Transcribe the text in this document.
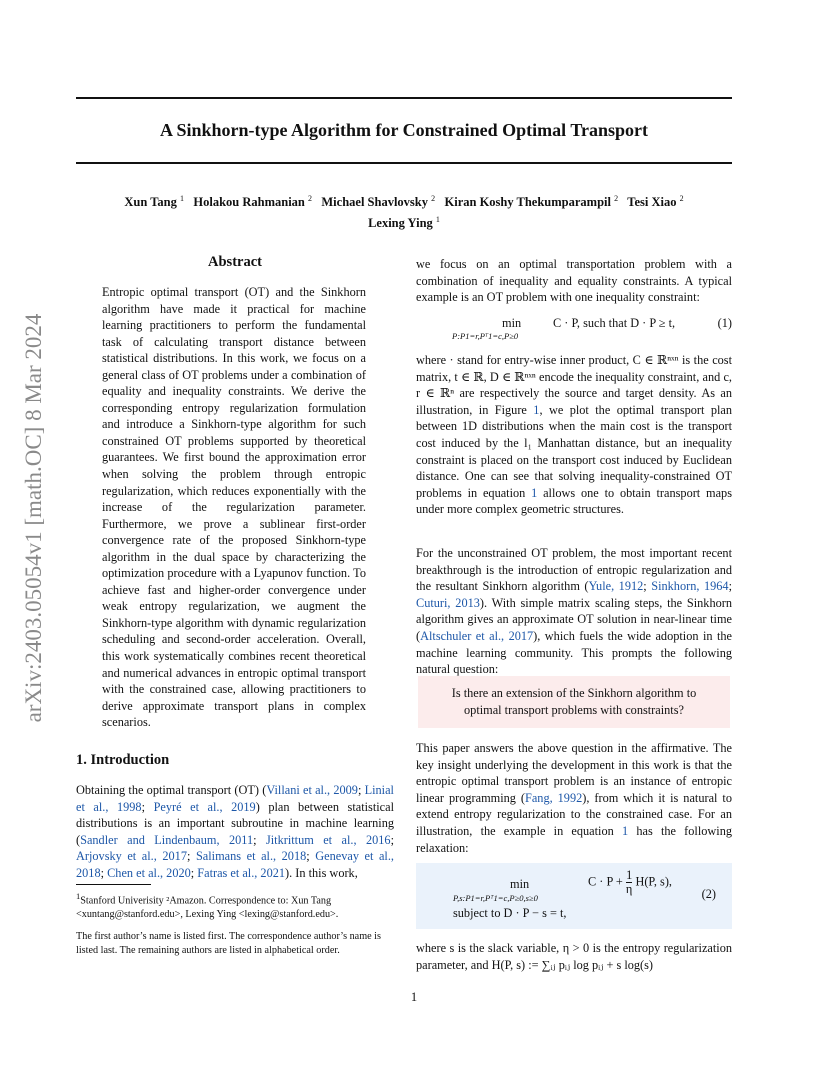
A Sinkhorn-type Algorithm for Constrained Optimal Transport
Xun Tang $^1$ Holakou Rahmanian $^2$ Michael Shavlovsky $^2$ Kiran Koshy Thekumparampil $^2$ Tesi Xiao $^2$
Lexing Ying $^1$
arXiv:2403.05054v1 [math.OC] 8 Mar 2024
Abstract
Entropic optimal transport (OT) and the Sinkhorn algorithm have made it practical for machine learning practitioners to perform the fundamental task of calculating transport distance between statistical distributions. In this work, we focus on a general class of OT problems under a combination of equality and inequality constraints. We derive the corresponding entropy regularization formulation and introduce a Sinkhorn-type algorithm for such constrained OT problems supported by theoretical guarantees. We first bound the approximation error when solving the problem through entropic regularization, which reduces exponentially with the increase of the regularization parameter. Furthermore, we prove a sublinear first-order convergence rate of the proposed Sinkhorn-type algorithm in the dual space by characterizing the optimization procedure with a Lyapunov function. To achieve fast and higher-order convergence under weak entropy regularization, we augment the Sinkhorn-type algorithm with dynamic regularization scheduling and second-order acceleration. Overall, this work systematically combines recent theoretical and numerical advances in entropic optimal transport with the constrained case, allowing practitioners to derive approximate transport plans in complex scenarios.
1. Introduction
Obtaining the optimal transport (OT) (Villani et al., 2009; Linial et al., 1998; Peyré et al., 2019) plan between statistical distributions is an important subroutine in machine learning (Sandler and Lindenbaum, 2011; Jitkrittum et al., 2016; Arjovsky et al., 2017; Salimans et al., 2018; Genevay et al., 2018; Chen et al., 2020; Fatras et al., 2021). In this work,
$^1$Stanford Univerisity ²Amazon. Correspondence to: Xun Tang <xuntang@stanford.edu>, Lexing Ying <lexing@stanford.edu>.
The first author’s name is listed first. The correspondence author’s name is listed last. The remaining authors are listed in alphabetical order.
we focus on an optimal transportation problem with a combination of inequality and equality constraints. A typical example is an OT problem with one inequality constraint:
min
P:P1=r,Pᵀ1=c,P≥0
C · P, such that D · P ≥ t,	(1)
where · stand for entry-wise inner product, C ∈ ℝⁿˣⁿ is the cost matrix, t ∈ ℝ, D ∈ ℝⁿˣⁿ encode the inequality constraint, and c, r ∈ ℝⁿ are respectively the source and target density. As an illustration, in Figure 1, we plot the optimal transport plan between 1D distributions when the main cost is the transport cost induced by the l₁ Manhattan distance, but an inequality constraint is placed on the transport cost induced by Euclidean distance. One can see that solving inequality-constrained OT problems in equation 1 allows one to obtain transport maps under more complex geometric structures.
For the unconstrained OT problem, the most important recent breakthrough is the introduction of entropic regularization and the resultant Sinkhorn algorithm (Yule, 1912; Sinkhorn, 1964; Cuturi, 2013). With simple matrix scaling steps, the Sinkhorn algorithm gives an approximate OT solution in near-linear time (Altschuler et al., 2017), which fuels the wide adoption in the machine learning community. This prompts the following natural question:
Is there an extension of the Sinkhorn algorithm to
optimal transport problems with constraints?
This paper answers the above question in the affirmative. The key insight underlying the development in this work is that the entropic optimal transport problem is an instance of entropic linear programming (Fang, 1992), from which it is natural to extend entropy regularization to the constrained case. For an illustration, the example in equation 1 has the following relaxation:
min
P,s:P1=r,Pᵀ1=c,P≥0,s≥0
$C \cdot P + \frac{1}{\eta} H(P$, s),
subject to D · P − s = t,
(2)
where s is the slack variable, η > 0 is the entropy regularization parameter, and H(P, s) := ∑ᵢⱼ pᵢⱼ log pᵢⱼ + s log(s)
1
